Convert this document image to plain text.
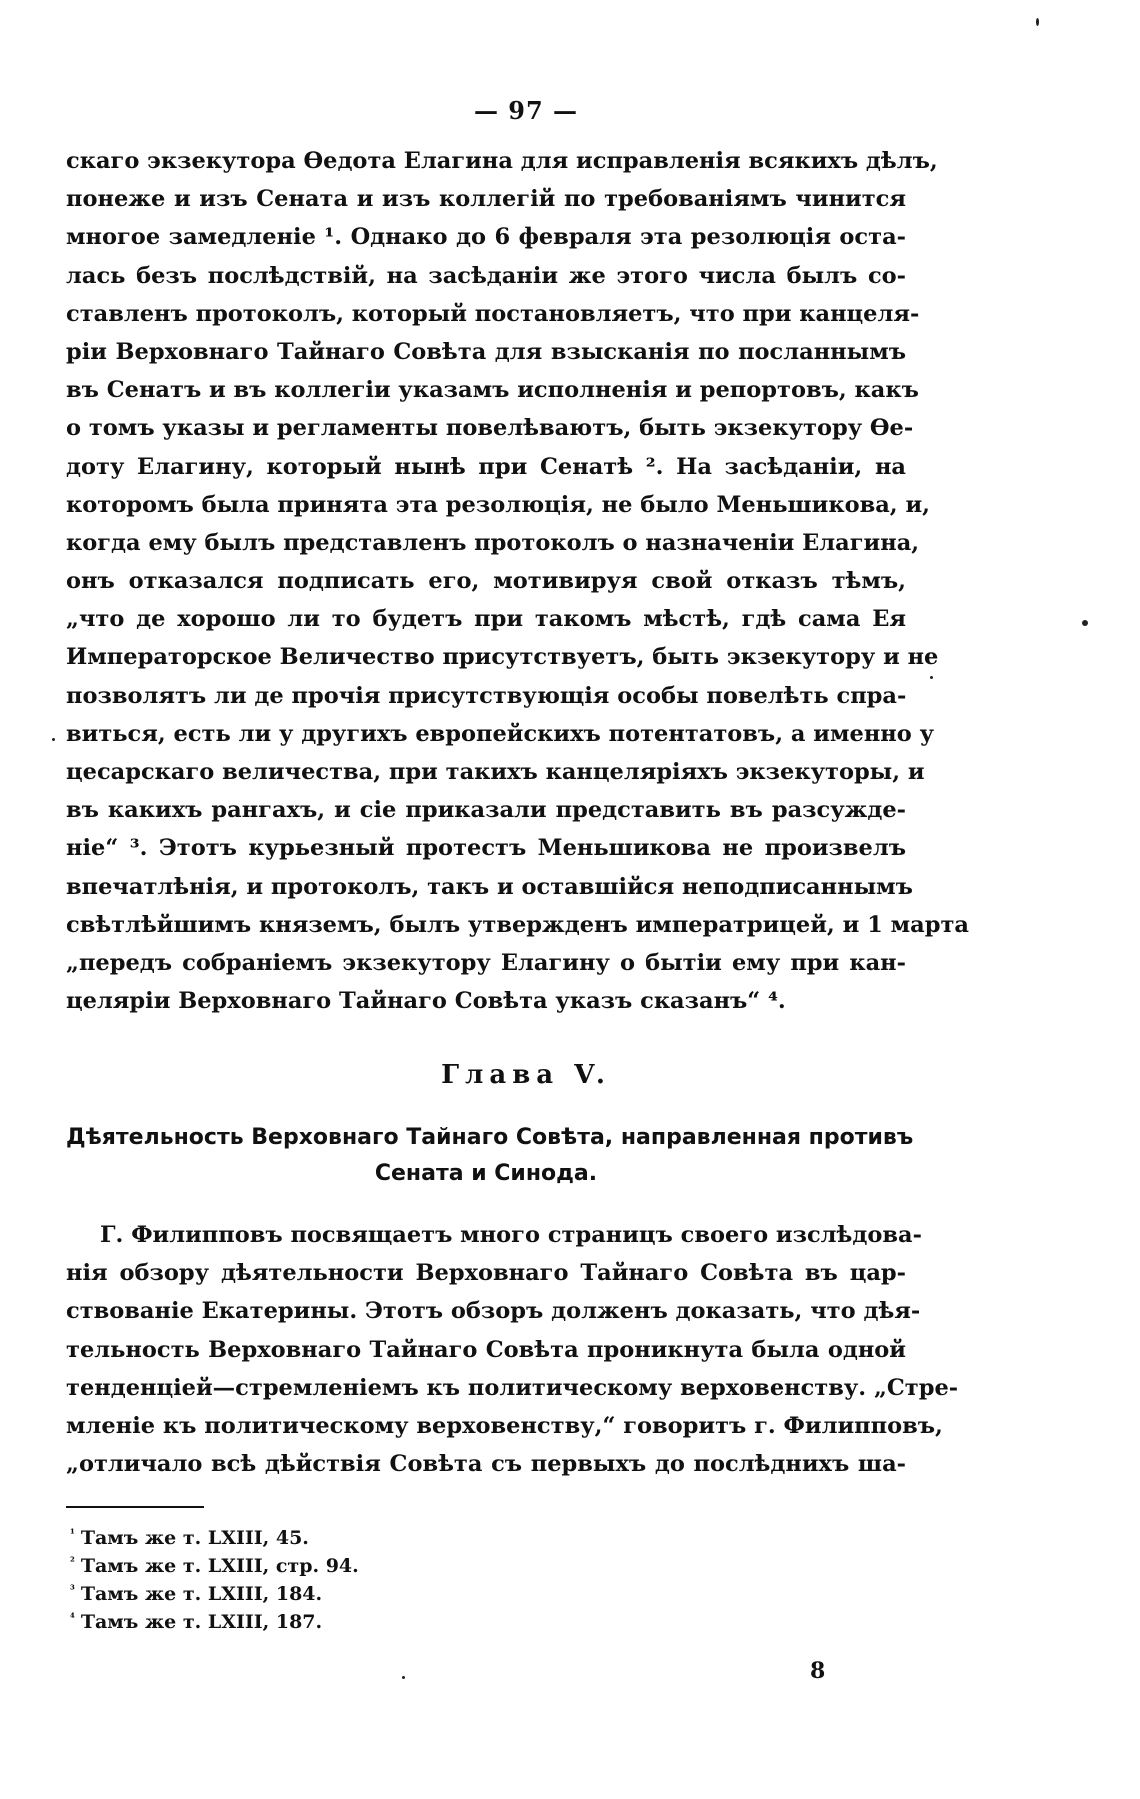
— 97 —
скаго экзекутора Ѳедота Елагина для исправленія всякихъ дѣлъ,
понеже и изъ Сената и изъ коллегій по требованіямъ чинится
многое замедленіе ¹. Однако до 6 февраля эта резолюція оста-
лась безъ послѣдствій, на засѣданіи же этого числа былъ со-
ставленъ протоколъ, который постановляетъ, что при канцеля-
ріи Верховнаго Тайнаго Совѣта для взысканія по посланнымъ
въ Сенатъ и въ коллегіи указамъ исполненія и репортовъ, какъ
о томъ указы и регламенты повелѣваютъ, быть экзекутору Ѳе-
доту Елагину, который нынѣ при Сенатѣ ². На засѣданіи, на
которомъ была принята эта резолюція, не было Меньшикова, и,
когда ему былъ представленъ протоколъ о назначеніи Елагина,
онъ отказался подписать его, мотивируя свой отказъ тѣмъ,
„что де хорошо ли то будетъ при такомъ мѣстѣ, гдѣ сама Ея
Императорское Величество присутствуетъ, быть экзекутору и не
позволятъ ли де прочія присутствующія особы повелѣть спра-
виться, есть ли у другихъ европейскихъ потентатовъ, а именно у
цесарскаго величества, при такихъ канцеляріяхъ экзекуторы, и
въ какихъ рангахъ, и сіе приказали представить въ разсужде-
ніе“ ³. Этотъ курьезный протестъ Меньшикова не произвелъ
впечатлѣнія, и протоколъ, такъ и оставшійся неподписаннымъ
свѣтлѣйшимъ княземъ, былъ утвержденъ императрицей, и 1 марта
„передъ собраніемъ экзекутору Елагину о бытіи ему при кан-
целяріи Верховнаго Тайнаго Совѣта указъ сказанъ“ ⁴.
Глава V.
Дѣятельность Верховнаго Тайнаго Совѣта, направленная противъ
Сената и Синода.
Г. Филипповъ посвящаетъ много страницъ своего изслѣдова-
нія обзору дѣятельности Верховнаго Тайнаго Совѣта въ цар-
ствованіе Екатерины. Этотъ обзоръ долженъ доказать, что дѣя-
тельность Верховнаго Тайнаго Совѣта проникнута была одной
тенденціей—стремленіемъ къ политическому верховенству. „Стре-
мленіе къ политическому верховенству,“ говоритъ г. Филипповъ,
„отличало всѣ дѣйствія Совѣта съ первыхъ до послѣднихъ ша-
$^{^1}$ Тамъ же т. LXIII, 45.
$^{^2}$ Тамъ же т. LXIII, стр. 94.
$^{^3}$ Тамъ же т. LXIII, 184.
$^{^4}$ Тамъ же т. LXIII, 187.
8
